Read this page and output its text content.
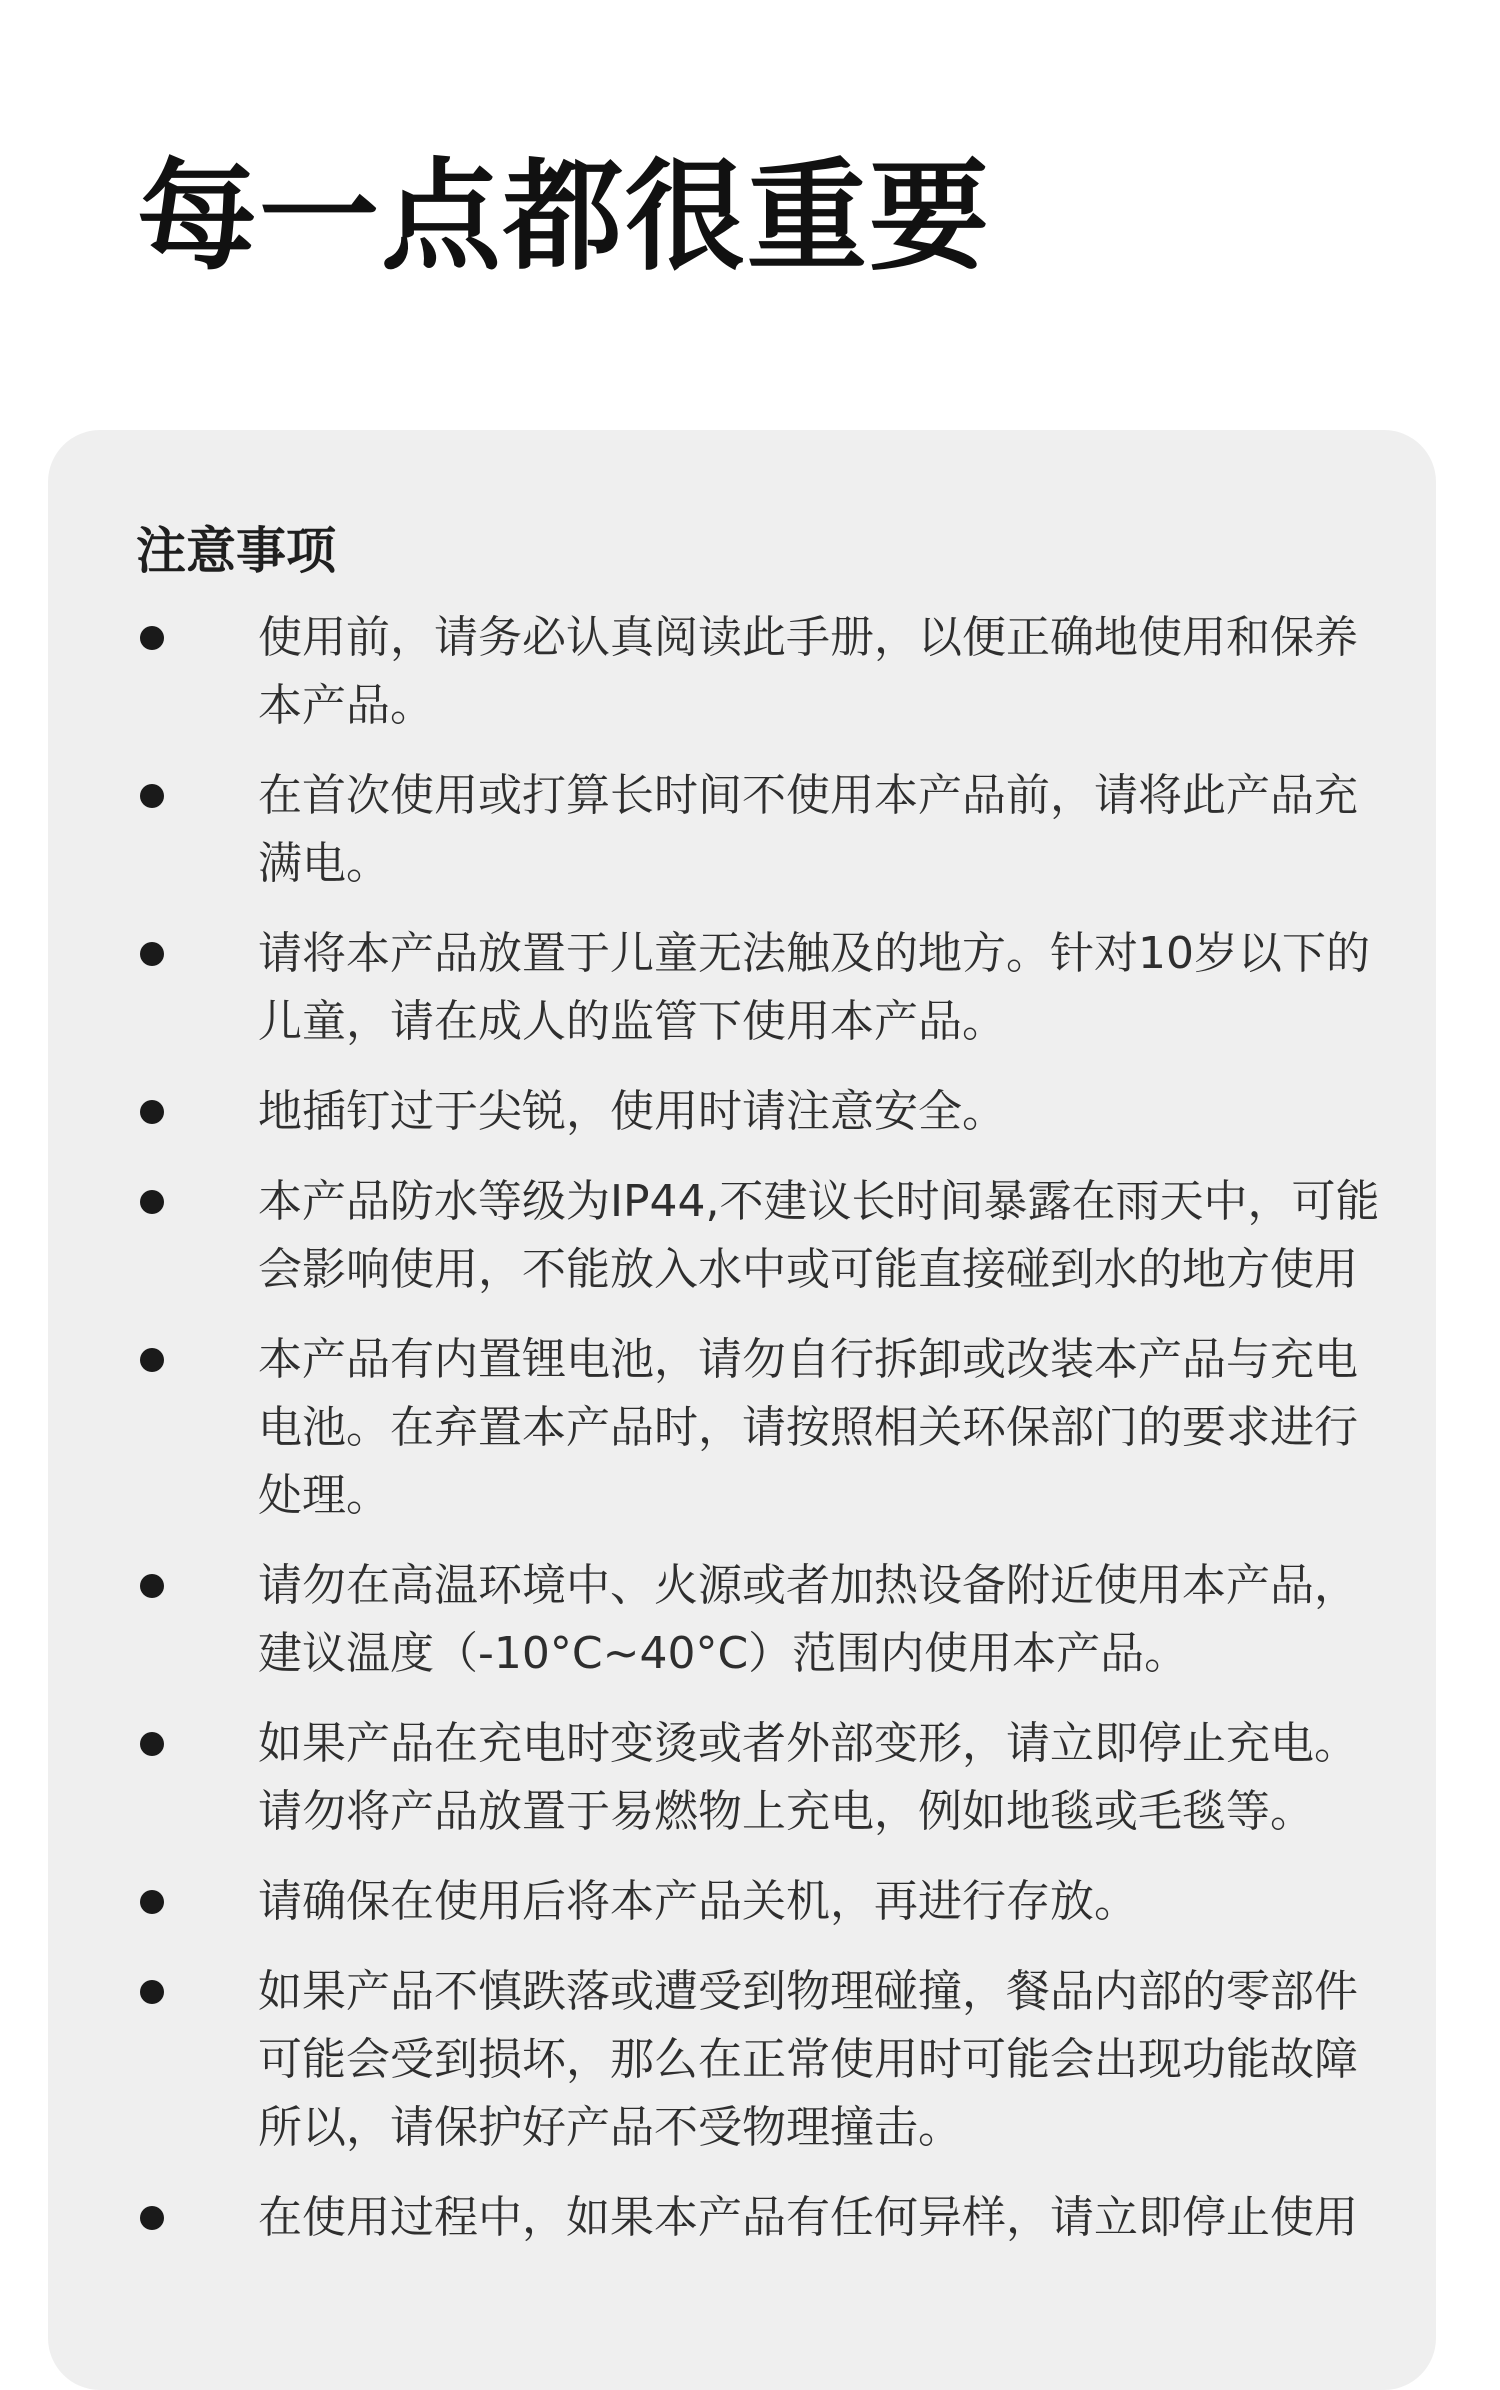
每一点都很重要
注意事项
使用前，请务必认真阅读此手册，以便正确地使用和保养本产品。
在首次使用或打算长时间不使用本产品前，请将此产品充满电。
请将本产品放置于儿童无法触及的地方。针对10岁以下的儿童，请在成人的监管下使用本产品。
地插钉过于尖锐，使用时请注意安全。
本产品防水等级为IP44,不建议长时间暴露在雨天中，可能会影响使用，不能放入水中或可能直接碰到水的地方使用
本产品有内置锂电池，请勿自行拆卸或改装本产品与充电电池。在弃置本产品时，请按照相关环保部门的要求进行处理。
请勿在高温环境中、火源或者加热设备附近使用本产品，建议温度（-10°C~40°C）范围内使用本产品。
如果产品在充电时变烫或者外部变形，请立即停止充电。请勿将产品放置于易燃物上充电，例如地毯或毛毯等。
请确保在使用后将本产品关机，再进行存放。
如果产品不慎跌落或遭受到物理碰撞，餐品内部的零部件可能会受到损坏，那么在正常使用时可能会出现功能故障所以，请保护好产品不受物理撞击。
在使用过程中，如果本产品有任何异样，请立即停止使用
